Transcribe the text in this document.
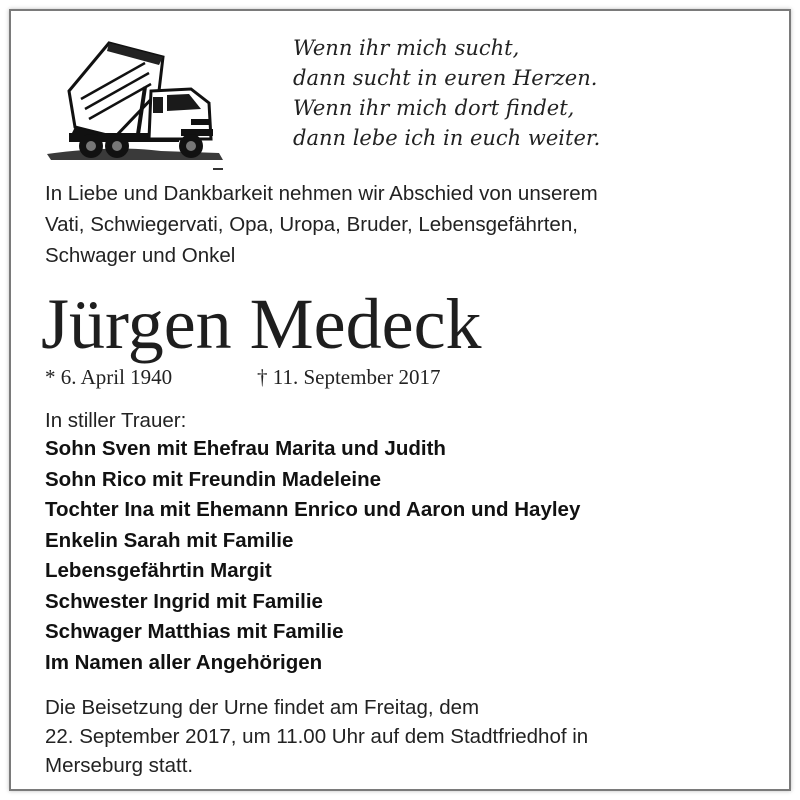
Wenn ihr mich sucht,
dann sucht in euren Herzen.
Wenn ihr mich dort findet,
dann lebe ich in euch weiter.
In Liebe und Dankbarkeit nehmen wir Abschied von unserem
Vati, Schwiegervati, Opa, Uropa, Bruder, Lebensgefährten,
Schwager und Onkel
Jürgen Medeck
* 6. April 1940	† 11. September 2017
In stiller Trauer:
Sohn Sven mit Ehefrau Marita und Judith
Sohn Rico mit Freundin Madeleine
Tochter Ina mit Ehemann Enrico und Aaron und Hayley
Enkelin Sarah mit Familie
Lebensgefährtin Margit
Schwester Ingrid mit Familie
Schwager Matthias mit Familie
Im Namen aller Angehörigen
Die Beisetzung der Urne findet am Freitag, dem
22. September 2017, um 11.00 Uhr auf dem Stadtfriedhof in
Merseburg statt.
